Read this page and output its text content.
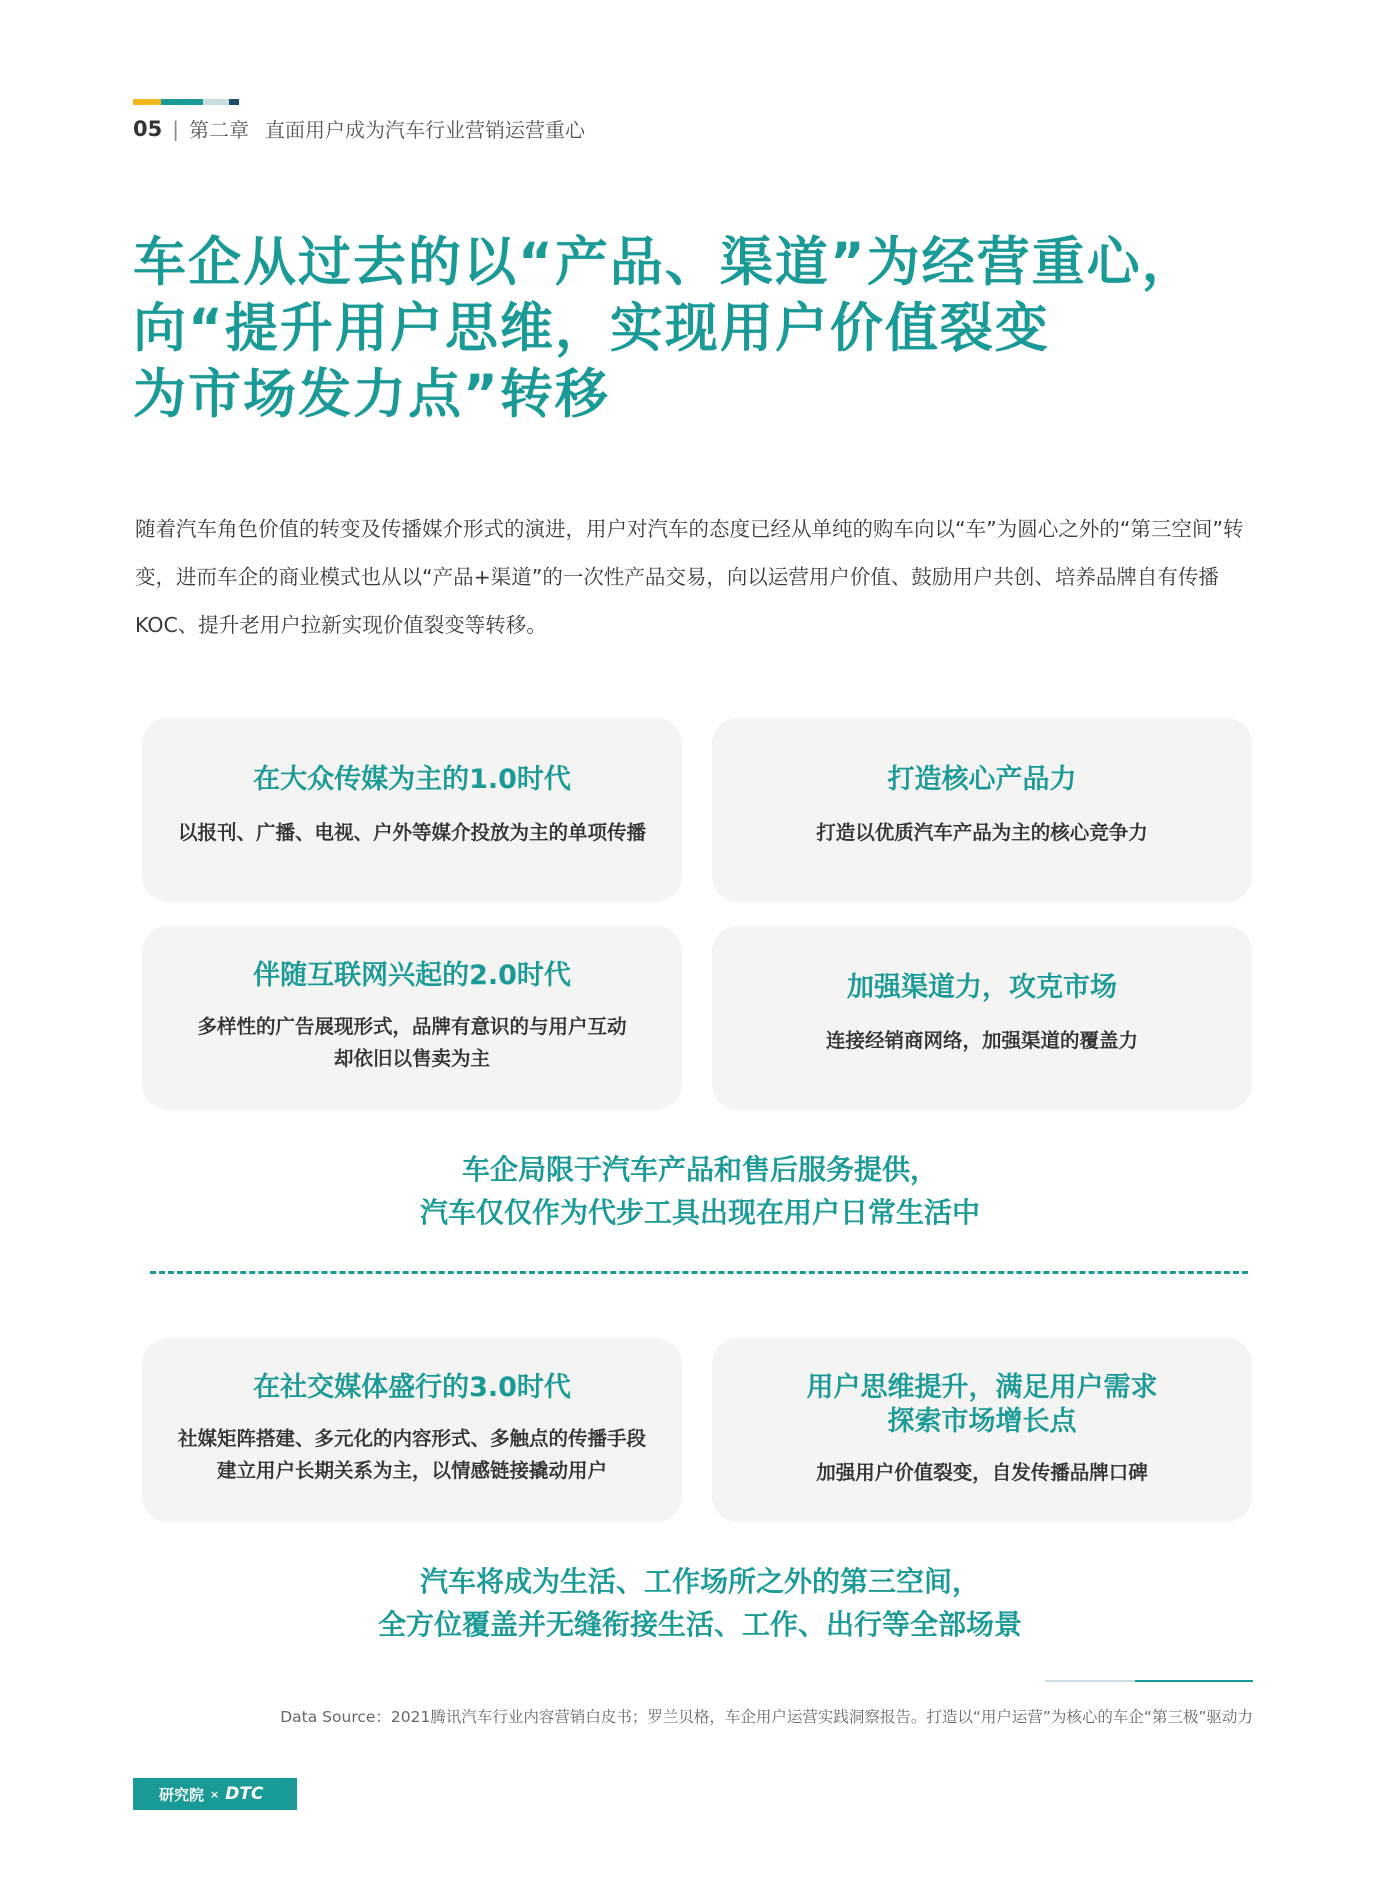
05 | 第二章 直面用户成为汽车行业营销运营重心
车企从过去的以“产品、渠道”为经营重心，
向“提升用户思维，实现用户价值裂变
为市场发力点”转移
随着汽车角色价值的转变及传播媒介形式的演进，用户对汽车的态度已经从单纯的购车向以“车”为圆心之外的“第三空间”转变，进而车企的商业模式也从以“产品+渠道”的一次性产品交易，向以运营用户价值、鼓励用户共创、培养品牌自有传播KOC、提升老用户拉新实现价值裂变等转移。
在大众传媒为主的1.0时代
以报刊、广播、电视、户外等媒介投放为主的单项传播
打造核心产品力
打造以优质汽车产品为主的核心竞争力
伴随互联网兴起的2.0时代
多样性的广告展现形式，品牌有意识的与用户互动
却依旧以售卖为主
加强渠道力，攻克市场
连接经销商网络，加强渠道的覆盖力
车企局限于汽车产品和售后服务提供，
汽车仅仅作为代步工具出现在用户日常生活中
在社交媒体盛行的3.0时代
社媒矩阵搭建、多元化的内容形式、多触点的传播手段
建立用户长期关系为主，以情感链接撬动用户
用户思维提升，满足用户需求
探索市场增长点
加强用户价值裂变，自发传播品牌口碑
汽车将成为生活、工作场所之外的第三空间，
全方位覆盖并无缝衔接生活、工作、出行等全部场景
Data Source：2021腾讯汽车行业内容营销白皮书；罗兰贝格，车企用户运营实践洞察报告。打造以“用户运营”为核心的车企“第三极”驱动力
研究院 × DTC
